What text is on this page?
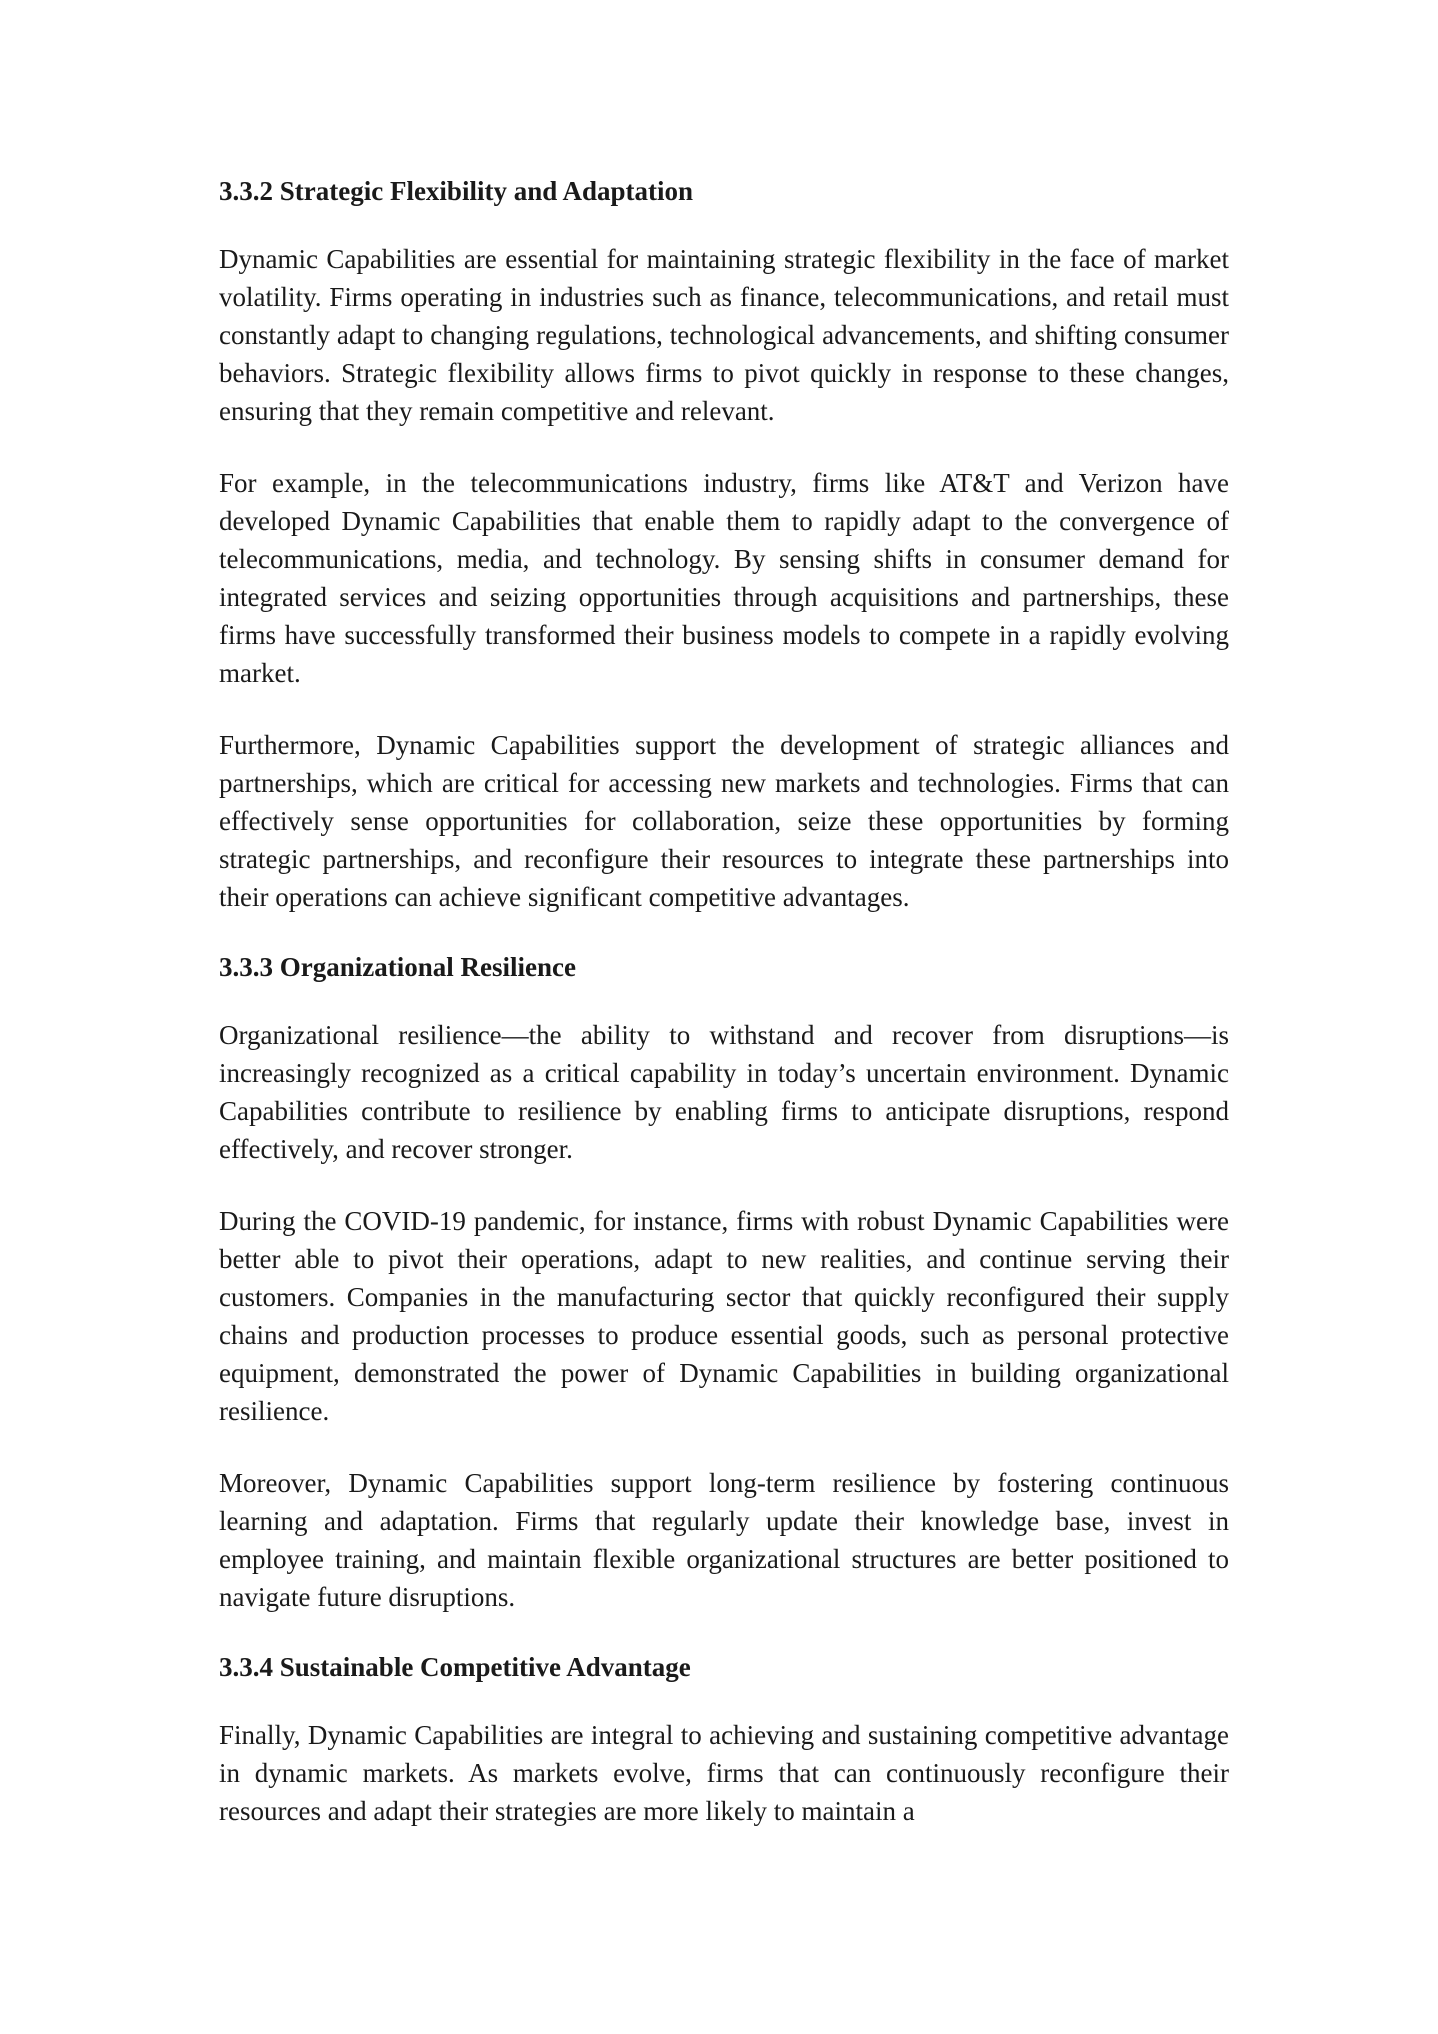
3.3.2 Strategic Flexibility and Adaptation

Dynamic Capabilities are essential for maintaining strategic flexibility in the face of market volatility. Firms operating in industries such as finance, telecommunications, and retail must constantly adapt to changing regulations, technological advancements, and shifting consumer behaviors. Strategic flexibility allows firms to pivot quickly in response to these changes, ensuring that they remain competitive and relevant.

For example, in the telecommunications industry, firms like AT&T and Verizon have developed Dynamic Capabilities that enable them to rapidly adapt to the convergence of telecommunications, media, and technology. By sensing shifts in consumer demand for integrated services and seizing opportunities through acquisitions and partnerships, these firms have successfully transformed their business models to compete in a rapidly evolving market.

Furthermore, Dynamic Capabilities support the development of strategic alliances and partnerships, which are critical for accessing new markets and technologies. Firms that can effectively sense opportunities for collaboration, seize these opportunities by forming strategic partnerships, and reconfigure their resources to integrate these partnerships into their operations can achieve significant competitive advantages.

3.3.3 Organizational Resilience

Organizational resilience—the ability to withstand and recover from disruptions—is increasingly recognized as a critical capability in today’s uncertain environment. Dynamic Capabilities contribute to resilience by enabling firms to anticipate disruptions, respond effectively, and recover stronger.

During the COVID-19 pandemic, for instance, firms with robust Dynamic Capabilities were better able to pivot their operations, adapt to new realities, and continue serving their customers. Companies in the manufacturing sector that quickly reconfigured their supply chains and production processes to produce essential goods, such as personal protective equipment, demonstrated the power of Dynamic Capabilities in building organizational resilience.

Moreover, Dynamic Capabilities support long-term resilience by fostering continuous learning and adaptation. Firms that regularly update their knowledge base, invest in employee training, and maintain flexible organizational structures are better positioned to navigate future disruptions.

3.3.4 Sustainable Competitive Advantage

Finally, Dynamic Capabilities are integral to achieving and sustaining competitive advantage in dynamic markets. As markets evolve, firms that can continuously reconfigure their resources and adapt their strategies are more likely to maintain a
